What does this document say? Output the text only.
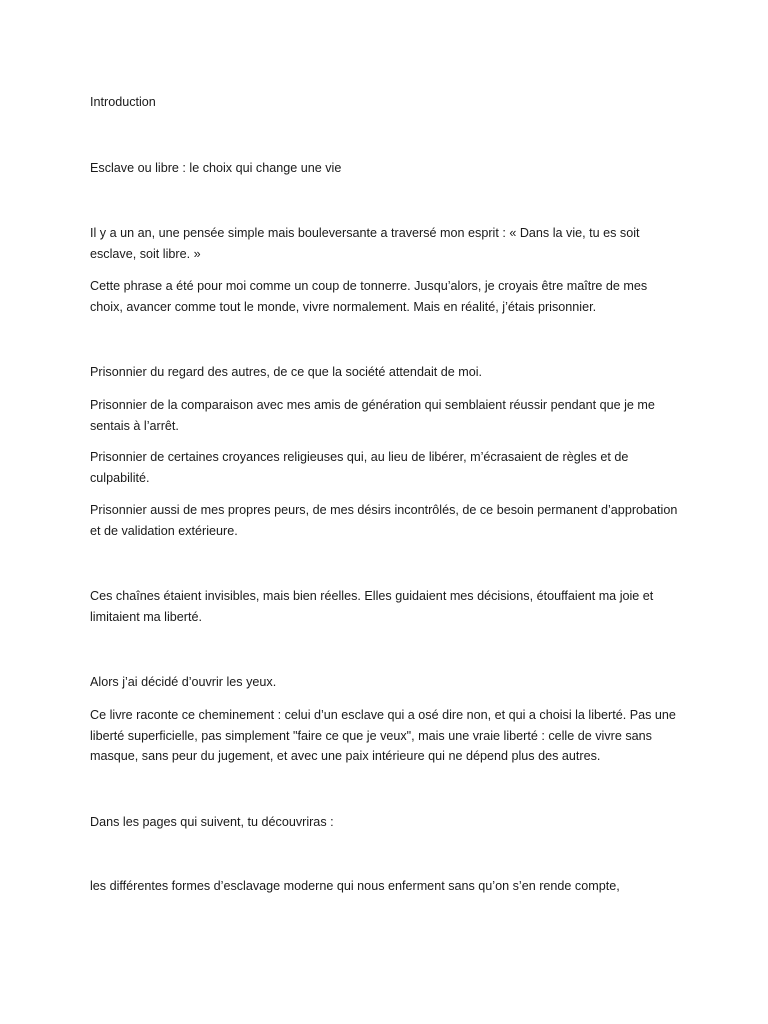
Introduction

Esclave ou libre : le choix qui change une vie

Il y a un an, une pensée simple mais bouleversante a traversé mon esprit : « Dans la vie, tu es soit esclave, soit libre. »

Cette phrase a été pour moi comme un coup de tonnerre. Jusqu’alors, je croyais être maître de mes choix, avancer comme tout le monde, vivre normalement. Mais en réalité, j’étais prisonnier.

Prisonnier du regard des autres, de ce que la société attendait de moi.

Prisonnier de la comparaison avec mes amis de génération qui semblaient réussir pendant que je me sentais à l’arrêt.

Prisonnier de certaines croyances religieuses qui, au lieu de libérer, m’écrasaient de règles et de culpabilité.

Prisonnier aussi de mes propres peurs, de mes désirs incontrôlés, de ce besoin permanent d’approbation et de validation extérieure.

Ces chaînes étaient invisibles, mais bien réelles. Elles guidaient mes décisions, étouffaient ma joie et limitaient ma liberté.

Alors j’ai décidé d’ouvrir les yeux.

Ce livre raconte ce cheminement : celui d’un esclave qui a osé dire non, et qui a choisi la liberté. Pas une liberté superficielle, pas simplement "faire ce que je veux", mais une vraie liberté : celle de vivre sans masque, sans peur du jugement, et avec une paix intérieure qui ne dépend plus des autres.

Dans les pages qui suivent, tu découvriras :

les différentes formes d’esclavage moderne qui nous enferment sans qu’on s’en rende compte,
